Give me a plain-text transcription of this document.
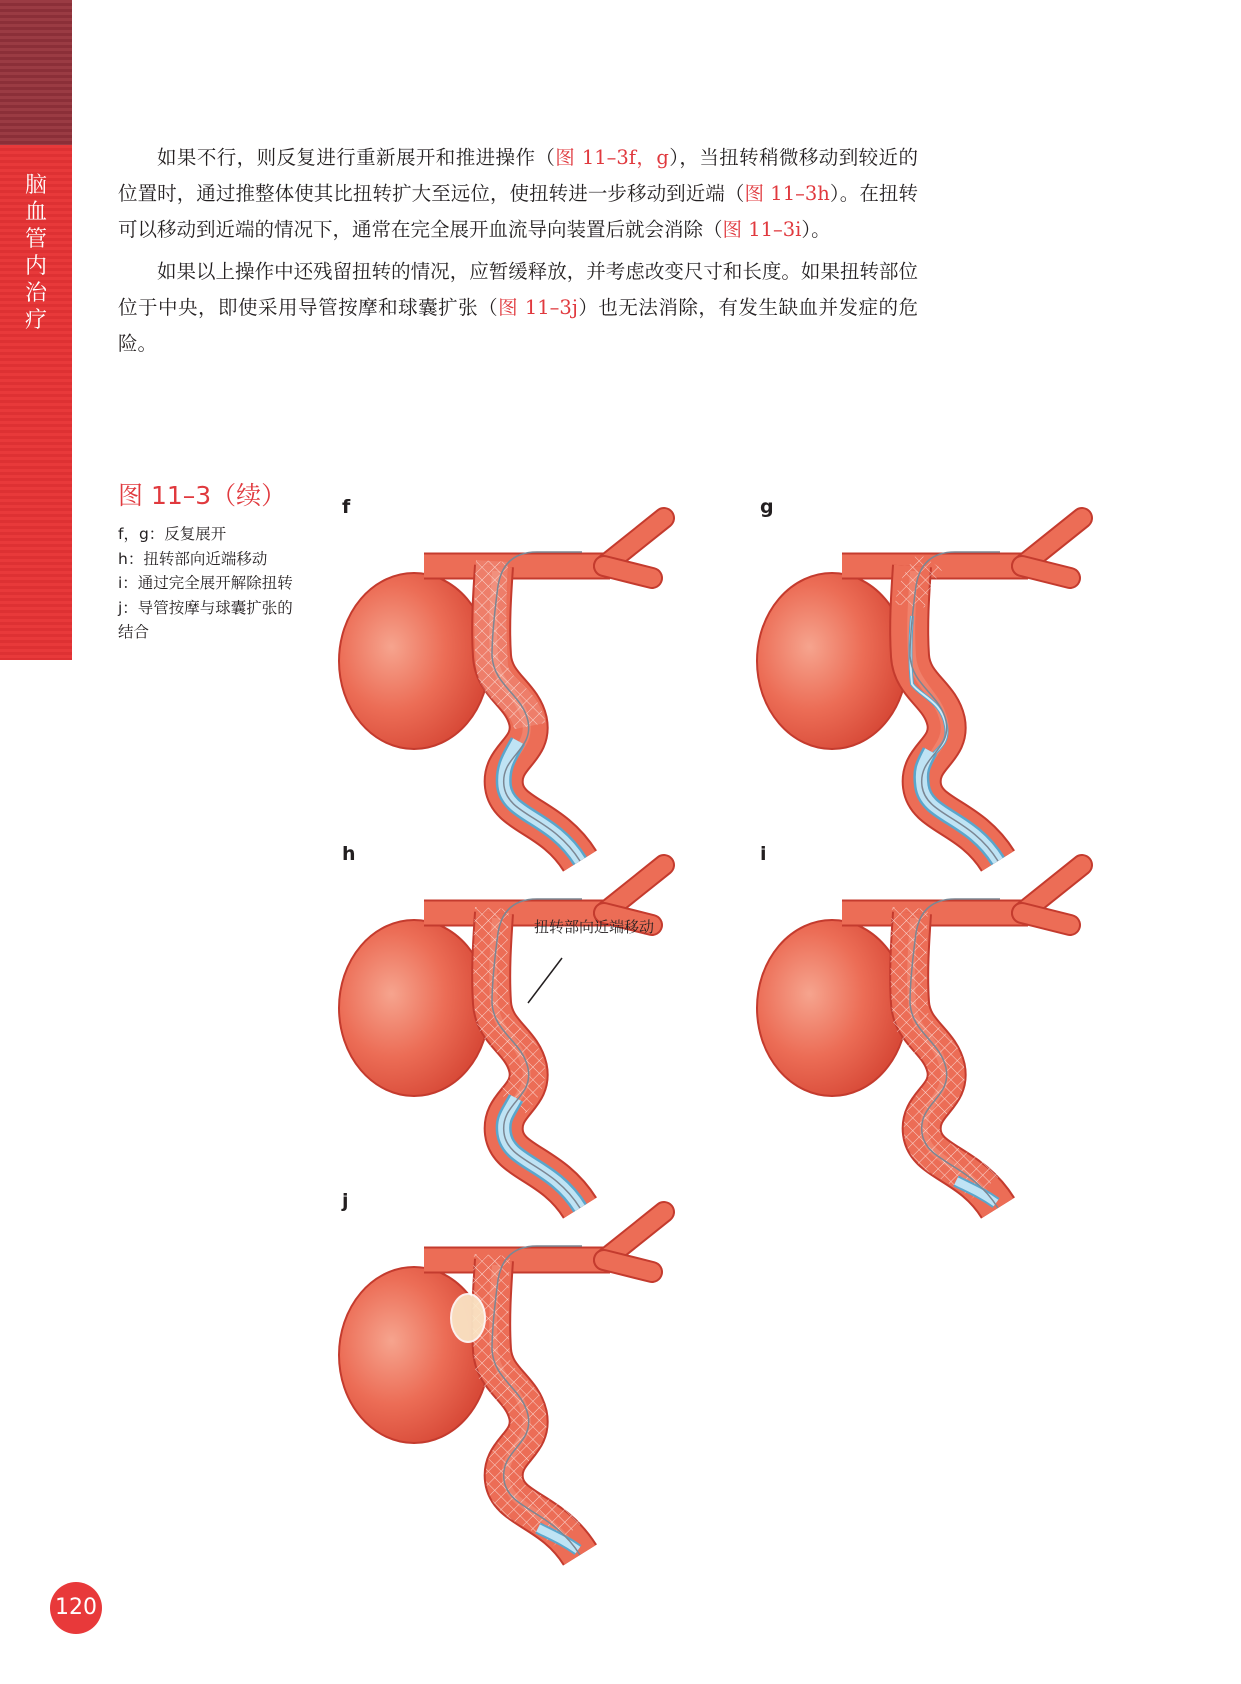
脑血管内治疗

如果不行，则反复进行重新展开和推进操作（图 11–3f，g），当扭转稍微移动到较近的位置时，通过推整体使其比扭转扩大至远位，使扭转进一步移动到近端（图 11–3h）。在扭转可以移动到近端的情况下，通常在完全展开血流导向装置后就会消除（图 11–3i）。

如果以上操作中还残留扭转的情况，应暂缓释放，并考虑改变尺寸和长度。如果扭转部位位于中央，即使采用导管按摩和球囊扩张（图 11–3j）也无法消除，有发生缺血并发症的危险。

图 11–3（续）
f，g：反复展开
h：扭转部向近端移动
i：通过完全展开解除扭转
j：导管按摩与球囊扩张的结合
f	g
h
扭转部向近端移动
i
j
120
